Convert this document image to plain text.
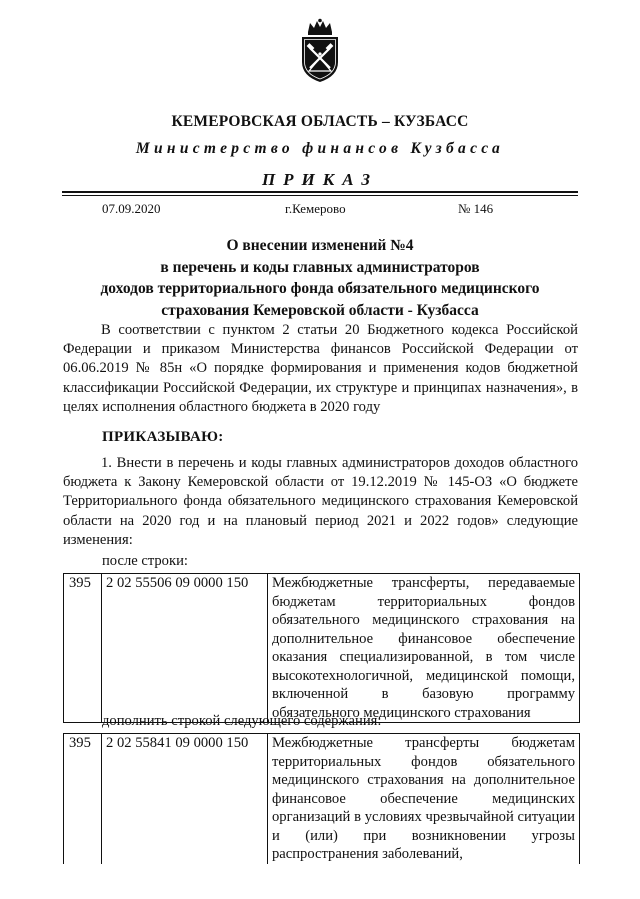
КЕМЕРОВСКАЯ ОБЛАСТЬ – КУЗБАСС
Министерство финансов Кузбасса
ПРИКАЗ
07.09.2020	г.Кемерово	№ 146
О внесении изменений №4
в перечень и коды главных администраторов
доходов территориального фонда обязательного медицинского
страхования Кемеровской области - Кузбасса
В соответствии с пунктом 2 статьи 20 Бюджетного кодекса Российской Федерации и приказом Министерства финансов Российской Федерации от 06.06.2019 № 85н «О порядке формирования и применения кодов бюджетной классификации Российской Федерации, их структуре и принципах назначения», в целях исполнения областного бюджета в 2020 году
ПРИКАЗЫВАЮ:
1. Внести в перечень и коды главных администраторов доходов областного бюджета к Закону Кемеровской области от 19.12.2019 № 145-ОЗ «О бюджете Территориального фонда обязательного медицинского страхования Кемеровской области на 2020 год и на плановый период 2021 и 2022 годов» следующие изменения:
после строки:
395	2 02 55506 09 0000 150	Межбюджетные трансферты, передаваемые бюджетам территориальных фондов обязательного медицинского страхования на дополнительное финансовое обеспечение оказания специализированной, в том числе высокотехнологичной, медицинской помощи, включенной в базовую программу обязательного медицинского страхования
дополнить строкой следующего содержания:
395	2 02 55841 09 0000 150	Межбюджетные трансферты бюджетам территориальных фондов обязательного медицинского страхования на дополнительное финансовое обеспечение медицинских организаций в условиях чрезвычайной ситуации и (или) при возникновении угрозы распространения заболеваний,
